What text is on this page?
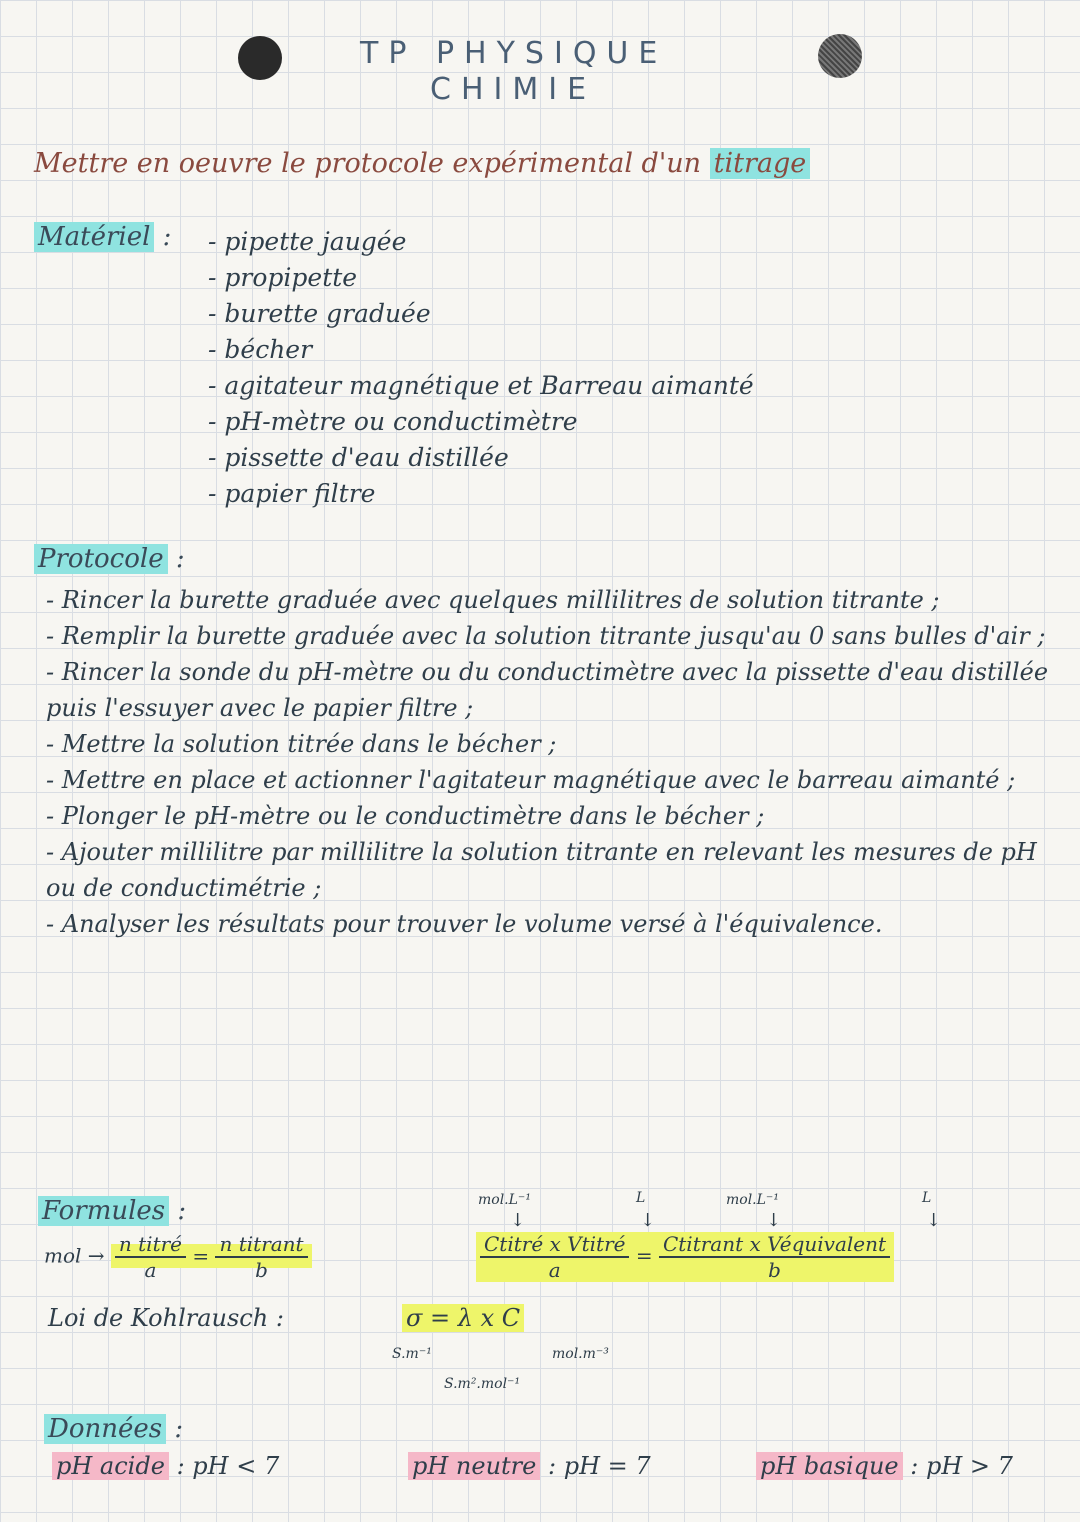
TP PHYSIQUE
CHIMIE
Mettre en oeuvre le protocole expérimental d'un titrage
Matériel :
-	pipette jaugée
- propipette
- burette graduée
- bécher
- agitateur magnétique et Barreau aimanté
- pH-mètre ou conductimètre
- pissette d'eau distillée
- papier filtre
Protocole :

- Rincer la burette graduée avec quelques millilitres de solution titrante ;

- Remplir la burette graduée avec la solution titrante jusqu'au 0 sans bulles d'air ;

- Rincer la sonde du pH-mètre ou du conductimètre avec la pissette d'eau distillée puis l'essuyer avec le papier filtre ;

- Mettre la solution titrée dans le bécher ;

- Mettre en place et actionner l'agitateur magnétique avec le barreau aimanté ;

- Plonger le pH-mètre ou le conductimètre dans le bécher ;

- Ajouter millilitre par millilitre la solution titrante en relevant les mesures de pH ou de conductimétrie ;

- Analyser les résultats pour trouver le volume versé à l'équivalence.

Formules :
mol → $\frac{\text{n titré}}{a} = \frac{\text{n titrant}}{b}$
mol.L⁻¹	L	mol.L⁻¹	L
↓	↓	↓	↓
$\frac{\text{Ctitré x Vtitré}}{a} = \frac{\text{Ctitrant x Véquivalent}}{b}$
Loi de Kohlrausch :	σ = λ x C
S.m⁻¹
S.m².mol⁻¹
mol.m⁻³
Données :
pH acide : pH < 7	pH neutre : pH = 7	pH basique : pH > 7
